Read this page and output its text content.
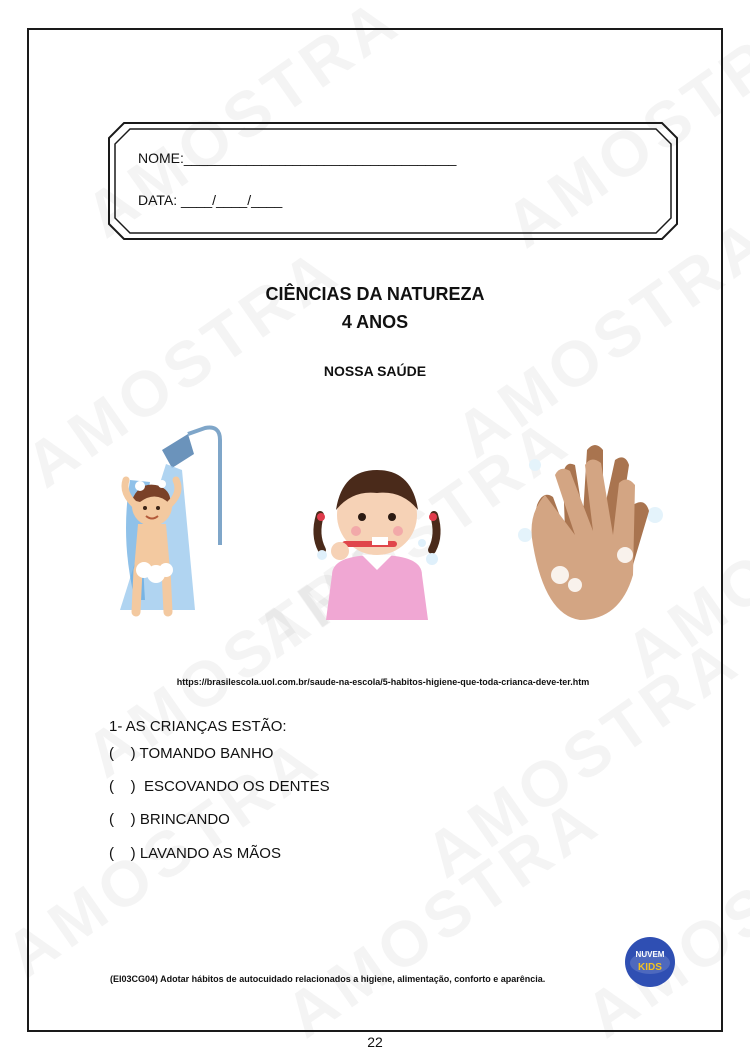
NOME:___________________________________
DATA: ____/____/____
CIÊNCIAS DA NATUREZA
4 ANOS
NOSSA SAÚDE
https://brasilescola.uol.com.br/saude-na-escola/5-habitos-higiene-que-toda-crianca-deve-ter.htm
1- AS CRIANÇAS ESTÃO:
(    ) TOMANDO BANHO
(    )  ESCOVANDO OS DENTES
(    ) BRINCANDO
(    ) LAVANDO AS MÃOS
(EI03CG04) Adotar hábitos de autocuidado relacionados a higiene, alimentação, conforto e aparência.
NUVEM
KIDS
22
